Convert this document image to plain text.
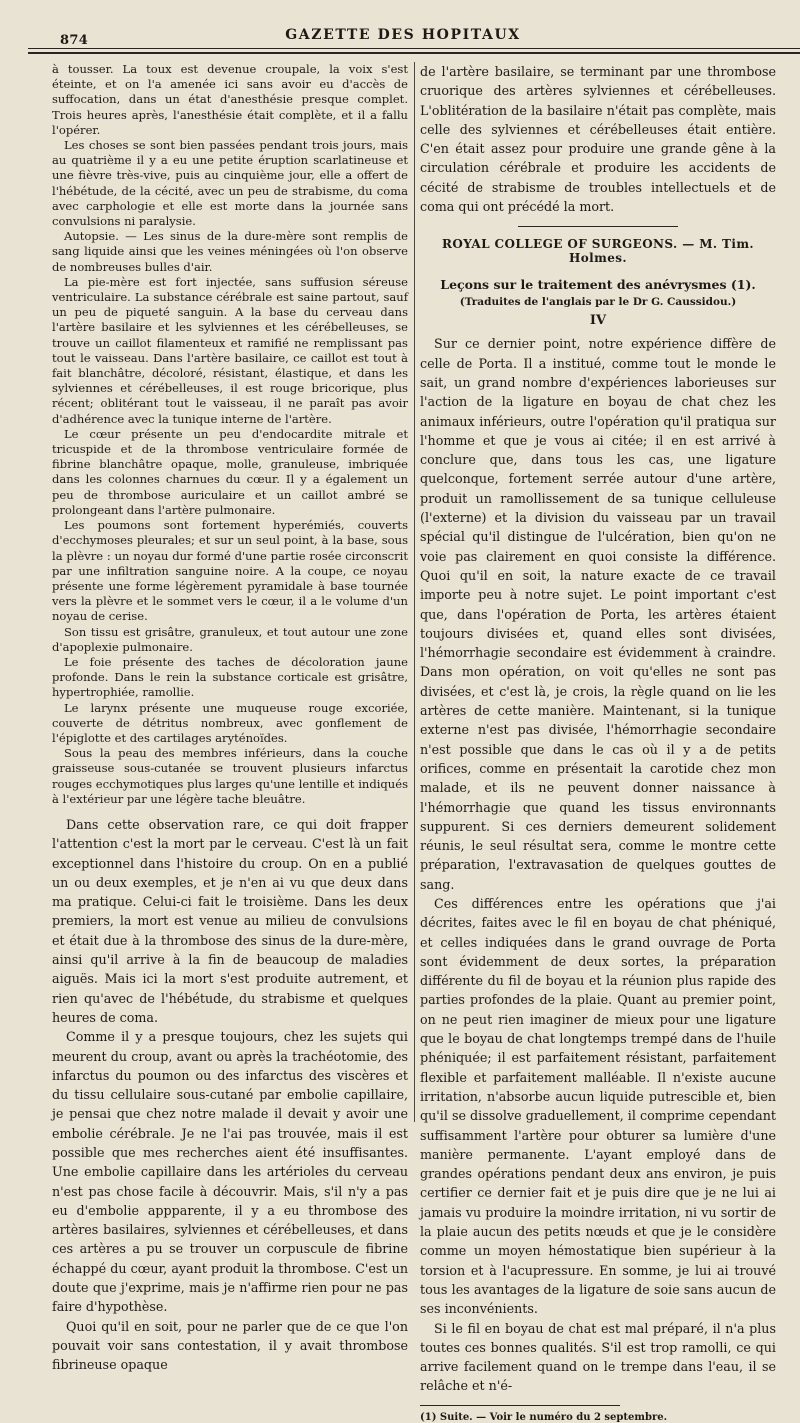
874	GAZETTE DES HOPITAUX

à tousser. La toux est devenue croupale, la voix s'est éteinte, et on l'a amenée ici sans avoir eu d'accès de suffocation, dans un état d'anesthésie presque complet. Trois heures après, l'anesthésie était complète, et il a fallu l'opérer.

Les choses se sont bien passées pendant trois jours, mais au quatrième il y a eu une petite éruption scarlatineuse et une fièvre très-vive, puis au cinquième jour, elle a offert de l'hébétude, de la cécité, avec un peu de strabisme, du coma avec carphologie et elle est morte dans la journée sans convulsions ni paralysie.

Autopsie. — Les sinus de la dure-mère sont remplis de sang liquide ainsi que les veines méningées où l'on observe de nombreuses bulles d'air.

La pie-mère est fort injectée, sans suffusion séreuse ventriculaire. La substance cérébrale est saine partout, sauf un peu de piqueté sanguin. A la base du cerveau dans l'artère basilaire et les sylviennes et les cérébelleuses, se trouve un caillot filamenteux et ramifié ne remplissant pas tout le vaisseau. Dans l'artère basilaire, ce caillot est tout à fait blanchâtre, décoloré, résistant, élastique, et dans les sylviennes et cérébelleuses, il est rouge bricorique, plus récent; oblitérant tout le vaisseau, il ne paraît pas avoir d'adhérence avec la tunique interne de l'artère.

Le cœur présente un peu d'endocardite mitrale et tricuspide et de la thrombose ventriculaire formée de fibrine blanchâtre opaque, molle, granuleuse, imbriquée dans les colonnes charnues du cœur. Il y a également un peu de thrombose auriculaire et un caillot ambré se prolongeant dans l'artère pulmonaire.

Les poumons sont fortement hyperémiés, couverts d'ecchymoses pleurales; et sur un seul point, à la base, sous la plèvre : un noyau dur formé d'une partie rosée circonscrit par une infiltration sanguine noire. A la coupe, ce noyau présente une forme légèrement pyramidale à base tournée vers la plèvre et le sommet vers le cœur, il a le volume d'un noyau de cerise.

Son tissu est grisâtre, granuleux, et tout autour une zone d'apoplexie pulmonaire.

Le foie présente des taches de décoloration jaune profonde. Dans le rein la substance corticale est grisâtre, hypertrophiée, ramollie.

Le larynx présente une muqueuse rouge excoriée, couverte de détritus nombreux, avec gonflement de l'épiglotte et des cartilages aryténoïdes.

Sous la peau des membres inférieurs, dans la couche graisseuse sous-cutanée se trouvent plusieurs infarctus rouges ecchymotiques plus larges qu'une lentille et indiqués à l'extérieur par une légère tache bleuâtre.

Dans cette observation rare, ce qui doit frapper l'attention c'est la mort par le cerveau. C'est là un fait exceptionnel dans l'histoire du croup. On en a publié un ou deux exemples, et je n'en ai vu que deux dans ma pratique. Celui-ci fait le troisième. Dans les deux premiers, la mort est venue au milieu de convulsions et était due à la thrombose des sinus de la dure-mère, ainsi qu'il arrive à la fin de beaucoup de maladies aiguës. Mais ici la mort s'est produite autrement, et rien qu'avec de l'hébétude, du strabisme et quelques heures de coma.

Comme il y a presque toujours, chez les sujets qui meurent du croup, avant ou après la trachéotomie, des infarctus du poumon ou des infarctus des viscères et du tissu cellulaire sous-cutané par embolie capillaire, je pensai que chez notre malade il devait y avoir une embolie cérébrale. Je ne l'ai pas trouvée, mais il est possible que mes recherches aient été insuffisantes. Une embolie capillaire dans les artérioles du cerveau n'est pas chose facile à découvrir. Mais, s'il n'y a pas eu d'embolie appparente, il y a eu thrombose des artères basilaires, sylviennes et cérébelleuses, et dans ces artères a pu se trouver un corpuscule de fibrine échappé du cœur, ayant produit la thrombose. C'est un doute que j'exprime, mais je n'affirme rien pour ne pas faire d'hypothèse.

Quoi qu'il en soit, pour ne parler que de ce que l'on pouvait voir sans contestation, il y avait thrombose fibrineuse opaque

de l'artère basilaire, se terminant par une thrombose cruorique des artères sylviennes et cérébelleuses. L'oblitération de la basilaire n'était pas complète, mais celle des sylviennes et cérébelleuses était entière. C'en était assez pour produire une grande gêne à la circulation cérébrale et produire les accidents de cécité de strabisme de troubles intellectuels et de coma qui ont précédé la mort.

ROYAL COLLEGE OF SURGEONS. — M. Tim. Holmes.
Leçons sur le traitement des anévrysmes (1).
(Traduites de l'anglais par le Dr G. Caussidou.)
IV

Sur ce dernier point, notre expérience diffère de celle de Porta. Il a institué, comme tout le monde le sait, un grand nombre d'expériences laborieuses sur l'action de la ligature en boyau de chat chez les animaux inférieurs, outre l'opération qu'il pratiqua sur l'homme et que je vous ai citée; il en est arrivé à conclure que, dans tous les cas, une ligature quelconque, fortement serrée autour d'une artère, produit un ramollissement de sa tunique celluleuse (l'externe) et la division du vaisseau par un travail spécial qu'il distingue de l'ulcération, bien qu'on ne voie pas clairement en quoi consiste la différence. Quoi qu'il en soit, la nature exacte de ce travail importe peu à notre sujet. Le point important c'est que, dans l'opération de Porta, les artères étaient toujours divisées et, quand elles sont divisées, l'hémorrhagie secondaire est évidemment à craindre. Dans mon opération, on voit qu'elles ne sont pas divisées, et c'est là, je crois, la règle quand on lie les artères de cette manière. Maintenant, si la tunique externe n'est pas divisée, l'hémorrhagie secondaire n'est possible que dans le cas où il y a de petits orifices, comme en présentait la carotide chez mon malade, et ils ne peuvent donner naissance à l'hémorrhagie que quand les tissus environnants suppurent. Si ces derniers demeurent solidement réunis, le seul résultat sera, comme le montre cette préparation, l'extravasation de quelques gouttes de sang.

Ces différences entre les opérations que j'ai décrites, faites avec le fil en boyau de chat phéniqué, et celles indiquées dans le grand ouvrage de Porta sont évidemment de deux sortes, la préparation différente du fil de boyau et la réunion plus rapide des parties profondes de la plaie. Quant au premier point, on ne peut rien imaginer de mieux pour une ligature que le boyau de chat longtemps trempé dans de l'huile phéniquée; il est parfaitement résistant, parfaitement flexible et parfaitement malléable. Il n'existe aucune irritation, n'absorbe aucun liquide putrescible et, bien qu'il se dissolve graduellement, il comprime cependant suffisamment l'artère pour obturer sa lumière d'une manière permanente. L'ayant employé dans de grandes opérations pendant deux ans environ, je puis certifier ce dernier fait et je puis dire que je ne lui ai jamais vu produire la moindre irritation, ni vu sortir de la plaie aucun des petits nœuds et que je le considère comme un moyen hémostatique bien supérieur à la torsion et à l'acupressure. En somme, je lui ai trouvé tous les avantages de la ligature de soie sans aucun de ses inconvénients.

Si le fil en boyau de chat est mal préparé, il n'a plus toutes ces bonnes qualités. S'il est trop ramolli, ce qui arrive facilement quand on le trempe dans l'eau, il se relâche et n'é-

(1) Suite. — Voir le numéro du 2 septembre.
